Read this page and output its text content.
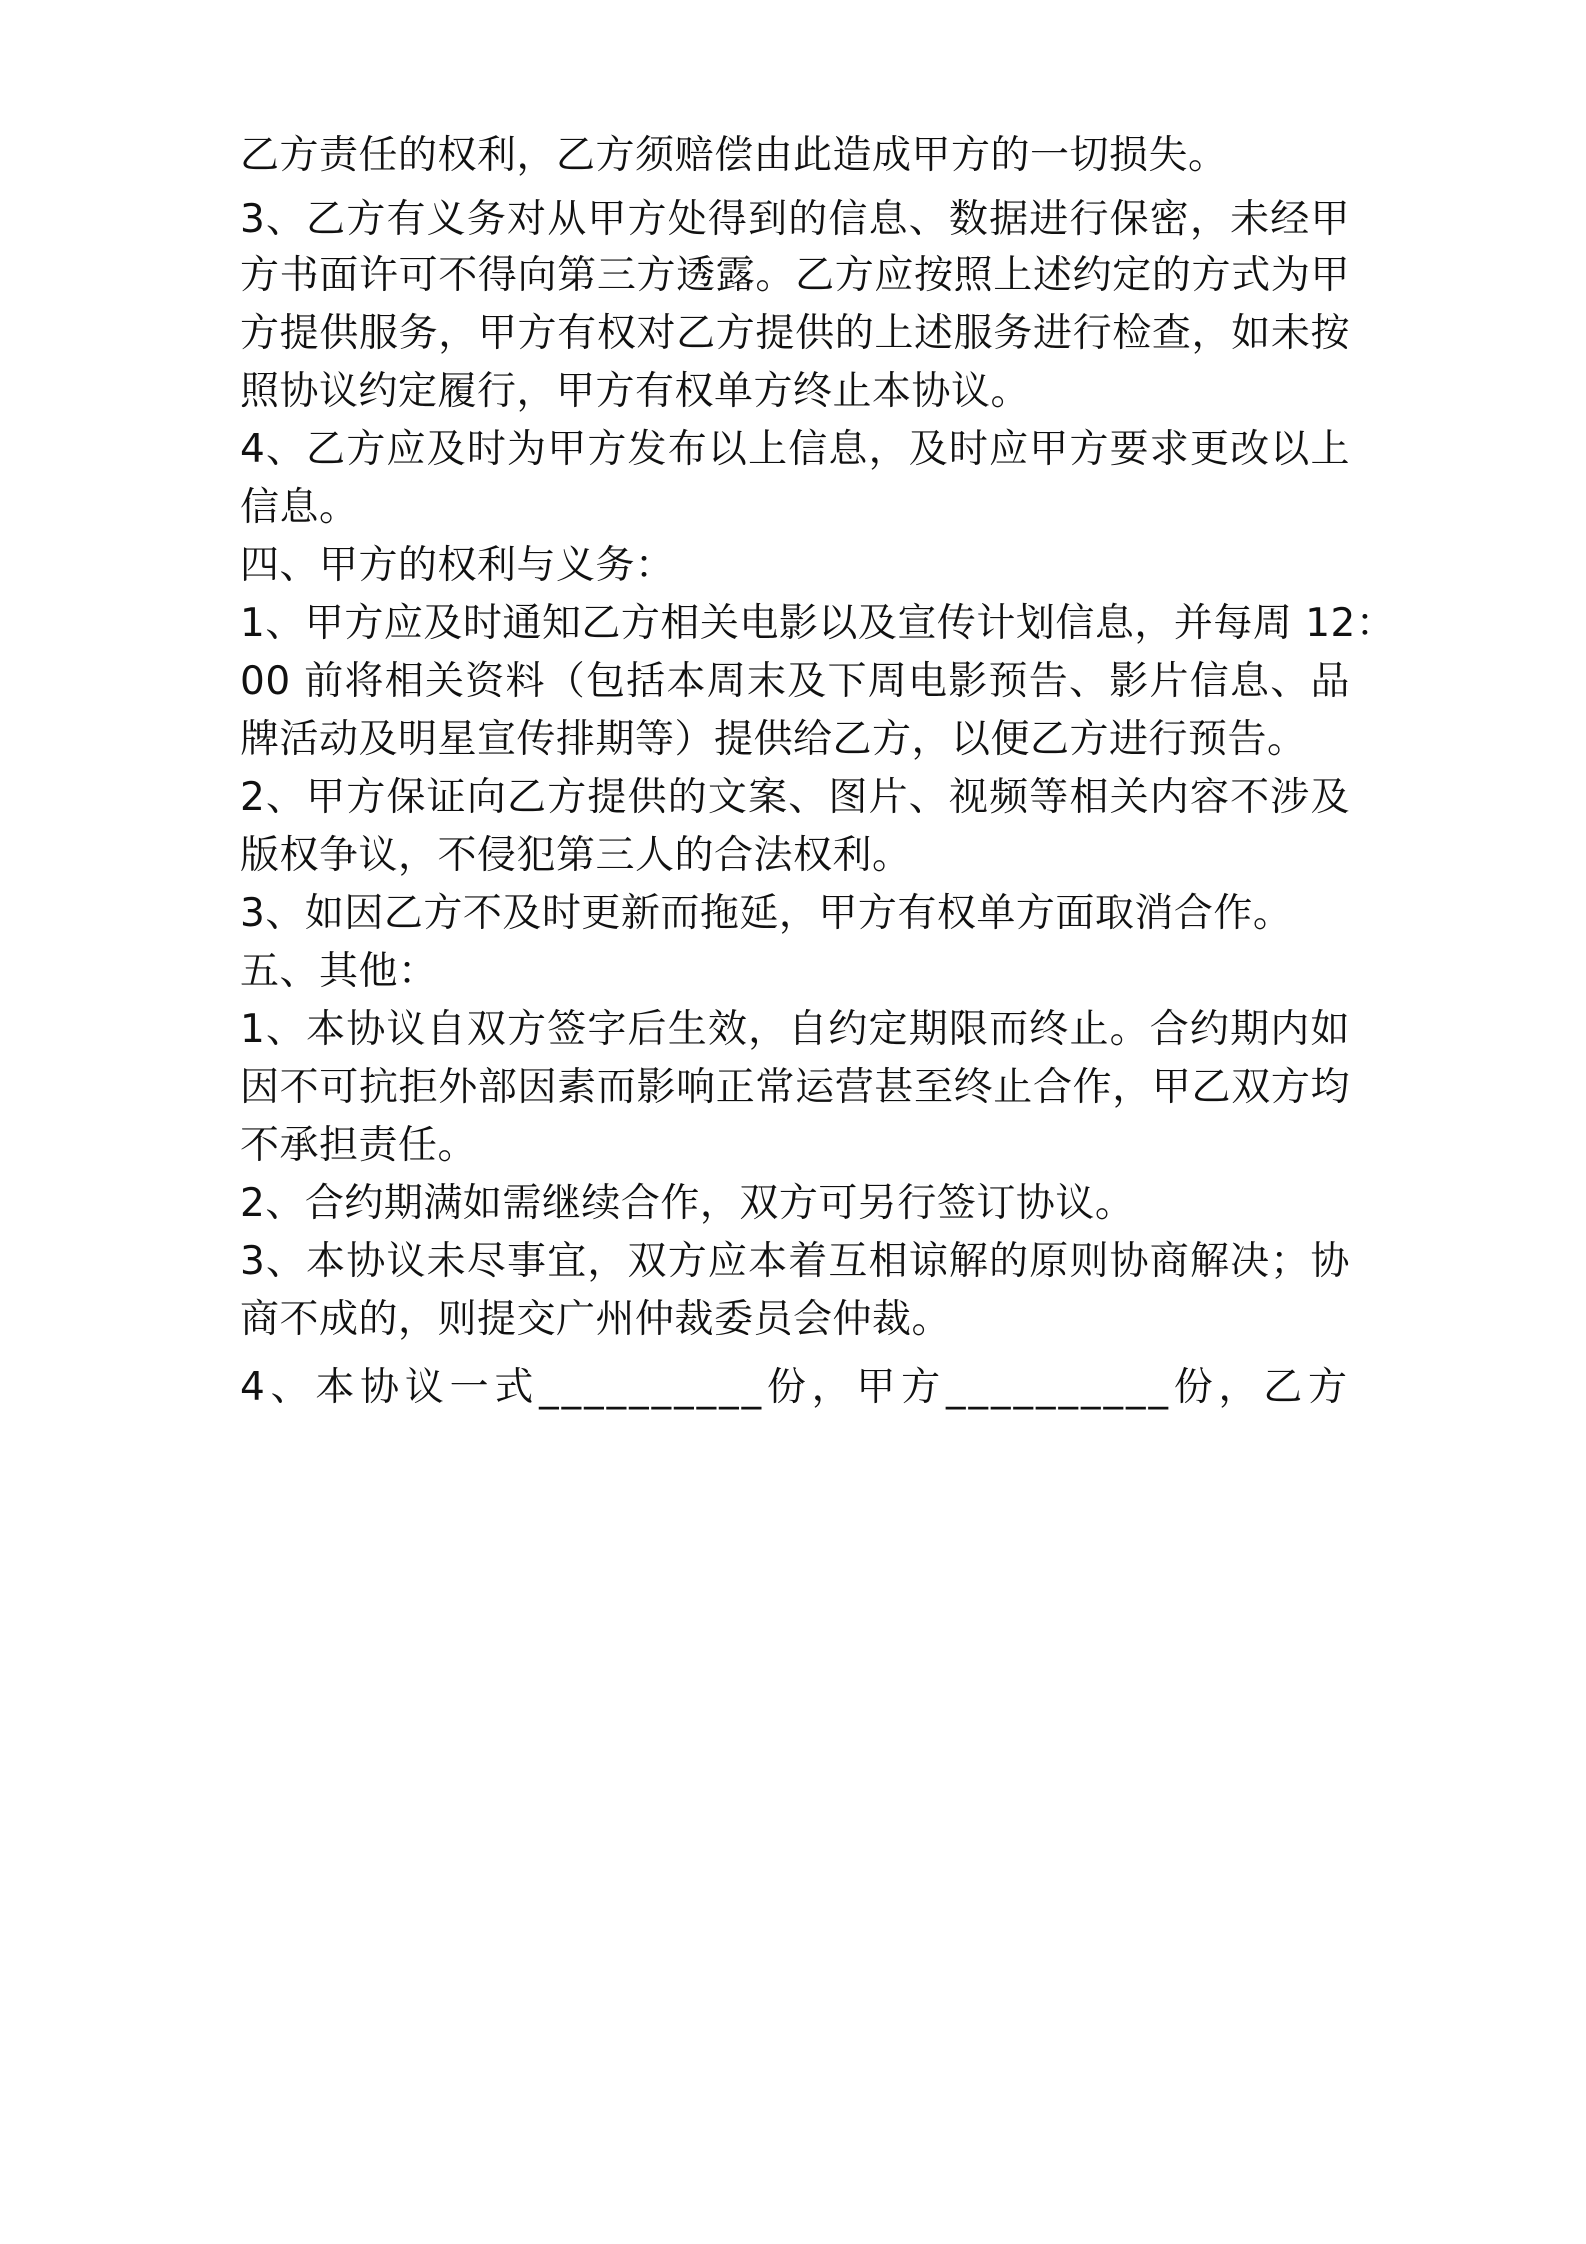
乙方责任的权利，乙方须赔偿由此造成甲方的一切损失。
3、乙方有义务对从甲方处得到的信息、数据进行保密，未经甲
方书面许可不得向第三方透露。乙方应按照上述约定的方式为甲
方提供服务，甲方有权对乙方提供的上述服务进行检查，如未按
照协议约定履行，甲方有权单方终止本协议。
4、乙方应及时为甲方发布以上信息，及时应甲方要求更改以上
信息。
四、甲方的权利与义务：
1、甲方应及时通知乙方相关电影以及宣传计划信息，并每周 12：
00 前将相关资料（包括本周末及下周电影预告、影片信息、品
牌活动及明星宣传排期等）提供给乙方，以便乙方进行预告。
2、甲方保证向乙方提供的文案、图片、视频等相关内容不涉及
版权争议，不侵犯第三人的合法权利。
3、如因乙方不及时更新而拖延，甲方有权单方面取消合作。
五、其他：
1、本协议自双方签字后生效，自约定期限而终止。合约期内如
因不可抗拒外部因素而影响正常运营甚至终止合作，甲乙双方均
不承担责任。
2、合约期满如需继续合作，双方可另行签订协议。
3、本协议未尽事宜，双方应本着互相谅解的原则协商解决；协
商不成的，则提交广州仲裁委员会仲裁。
4、本协议一式__________份，甲方__________份，乙方
